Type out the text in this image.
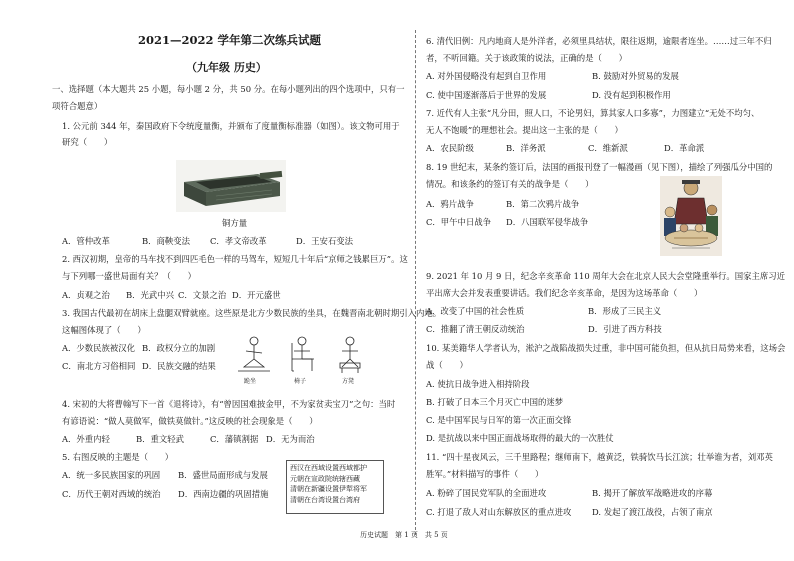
2021—2022 学年第二次练兵试题
（九年级 历史）
一、选择题（本大题共 25 小题，每小题 2 分，共 50 分。在每小题列出的四个选项中，只有一
项符合题意）
1. 公元前 344 年，秦国政府下令统度量衡，并颁布了度量衡标准器（如图）。该文物可用于
研究（　　）
铜方量
A．管仲改革	B．商鞅变法 C．孝文帝改革	D．王安石变法
2. 西汉初期，皇帝的马车找不到四匹毛色一样的马驾车，短短几十年后“京师之钱累巨万”。这
与下列哪一盛世局面有关？（　　）
A．贞观之治 B．光武中兴 C．文景之治 D．开元盛世
3. 我国古代最初在胡床上盘腿双臂就座。这些原是北方少数民族的坐具，在魏晋南北朝时期引入内地。
这幅图体现了（　　）
A．少数民族被汉化 B．政权分立的加剧
C．南北方习俗相同 D．民族交融的结果
跪坐	椅子	方凳
4. 宋初的大将曹翰写下一首《退将诗》，有“曾因国难披金甲，不为家贫卖宝刀”之句：当时
有谚语说：“做人莫做军，做铁莫做针。”这反映的社会现象是（　　）
A．外重内轻	B．重文轻武	C．藩镇割据 D．无为而治
5. 右图反映的主题是（　　）
A．统一多民族国家的巩固 B．盛世局面形成与发展
C．历代王朝对西域的统治 D．西南边疆的巩固措施
西汉在西域设置西域都护
元朝在宣政院统辖西藏
清朝在新疆设置伊犁将军
清朝在台湾设置台湾府
6. 清代旧例：凡内地商人是外洋者，必须里具结状，限往返期，逾限者连坐。……过三年不归
者，不听回籍。关于该政策的说法，正确的是（　　）
A. 对外国侵略没有起到自卫作用	B. 鼓励对外贸易的发展
C. 使中国逐渐落后于世界的发展	D. 没有起到积极作用
7. 近代有人主张“凡分田，照人口，不论男妇，算其家人口多寡”，力图建立“无处不均匀、
无人不饱暖”的理想社会。提出这一主张的是（　　）
A．农民阶级	B．洋务派	C．维新派	D．革命派
8. 19 世纪末，某条约签订后，法国的画报刊登了一幅漫画（见下图），描绘了列强瓜分中国的
情况。和该条约的签订有关的战争是（　　）
A．鸦片战争	B．第二次鸦片战争
C．甲午中日战争 D．八国联军侵华战争
9. 2021 年 10 月 9 日，纪念辛亥革命 110 周年大会在北京人民大会堂隆重举行。国家主席习近
平出席大会并发表重要讲话。我们纪念辛亥革命，是因为这场革命（　　）
A．改变了中国的社会性质	B．形成了三民主义
C．推翻了清王朝反动统治	D．引进了西方科技
10. 某美籍华人学者认为，淞沪之战陷战损失过重，非中国可能负担，但从抗日局势来看，这场会
战（　　）
A. 使抗日战争进入相持阶段
B. 打破了日本三个月灭亡中国的迷梦
C. 是中国军民与日军的第一次正面交锋
D. 是抗战以来中国正面战场取得的最大的一次胜仗
11. “四十星夜风云，三千里路程；继师南下，越黄泛，铁骑饮马长江滨；壮举谁为者，刘邓英
胜军。”材料描写的事件（　　）
A. 粉碎了国民党军队的全面进攻	B. 揭开了解放军战略进攻的序幕
C. 打退了敌人对山东解放区的重点进攻 D. 发起了渡江战役，占领了南京
历史试题　第 1 页　共 5 页
